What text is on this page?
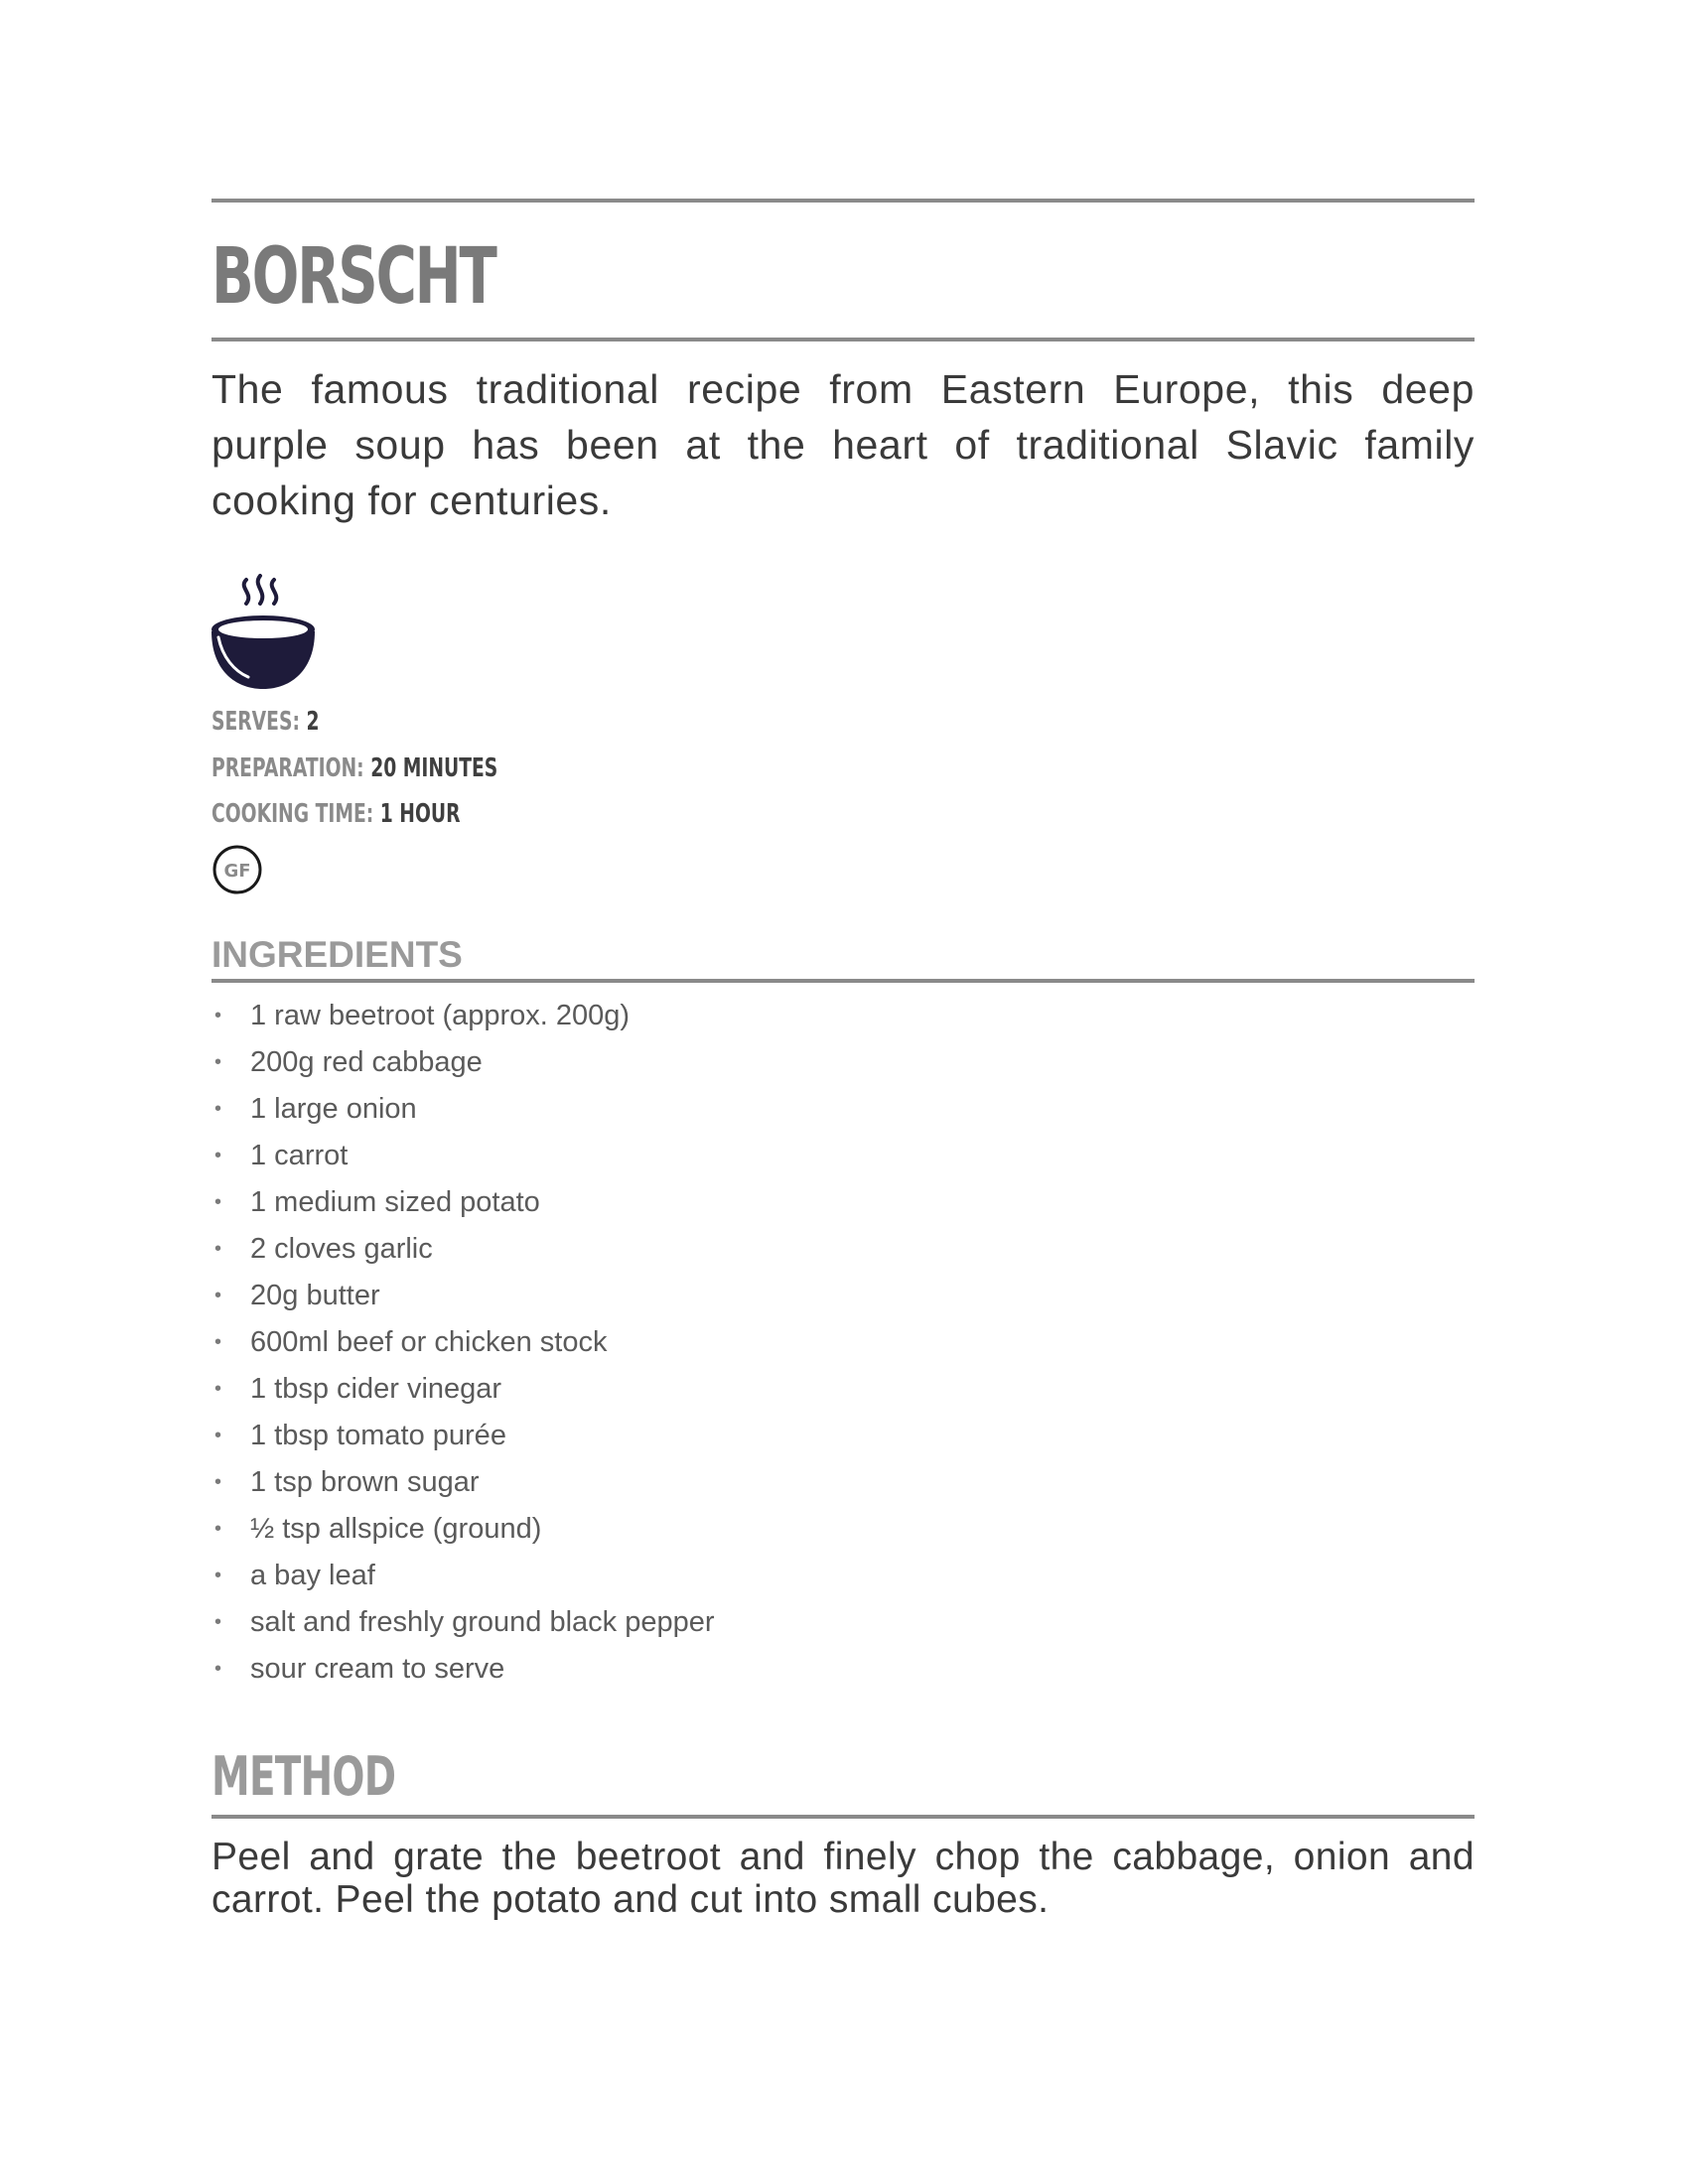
BORSCHT

The famous traditional recipe from Eastern Europe, this deep purple soup has been at the heart of traditional Slavic family cooking for centuries.

SERVES: 2
PREPARATION: 20 MINUTES
COOKING TIME: 1 HOUR
GF
INGREDIENTS
• 1 raw beetroot (approx. 200g)
• 200g red cabbage
• 1 large onion
• 1 carrot
• 1 medium sized potato
• 2 cloves garlic
• 20g butter
• 600ml beef or chicken stock
• 1 tbsp cider vinegar
• 1 tbsp tomato purée
• 1 tsp brown sugar
• ½ tsp allspice (ground)
• a bay leaf
• salt and freshly ground black pepper
• sour cream to serve
METHOD

Peel and grate the beetroot and finely chop the cabbage, onion and carrot. Peel the potato and cut into small cubes.
